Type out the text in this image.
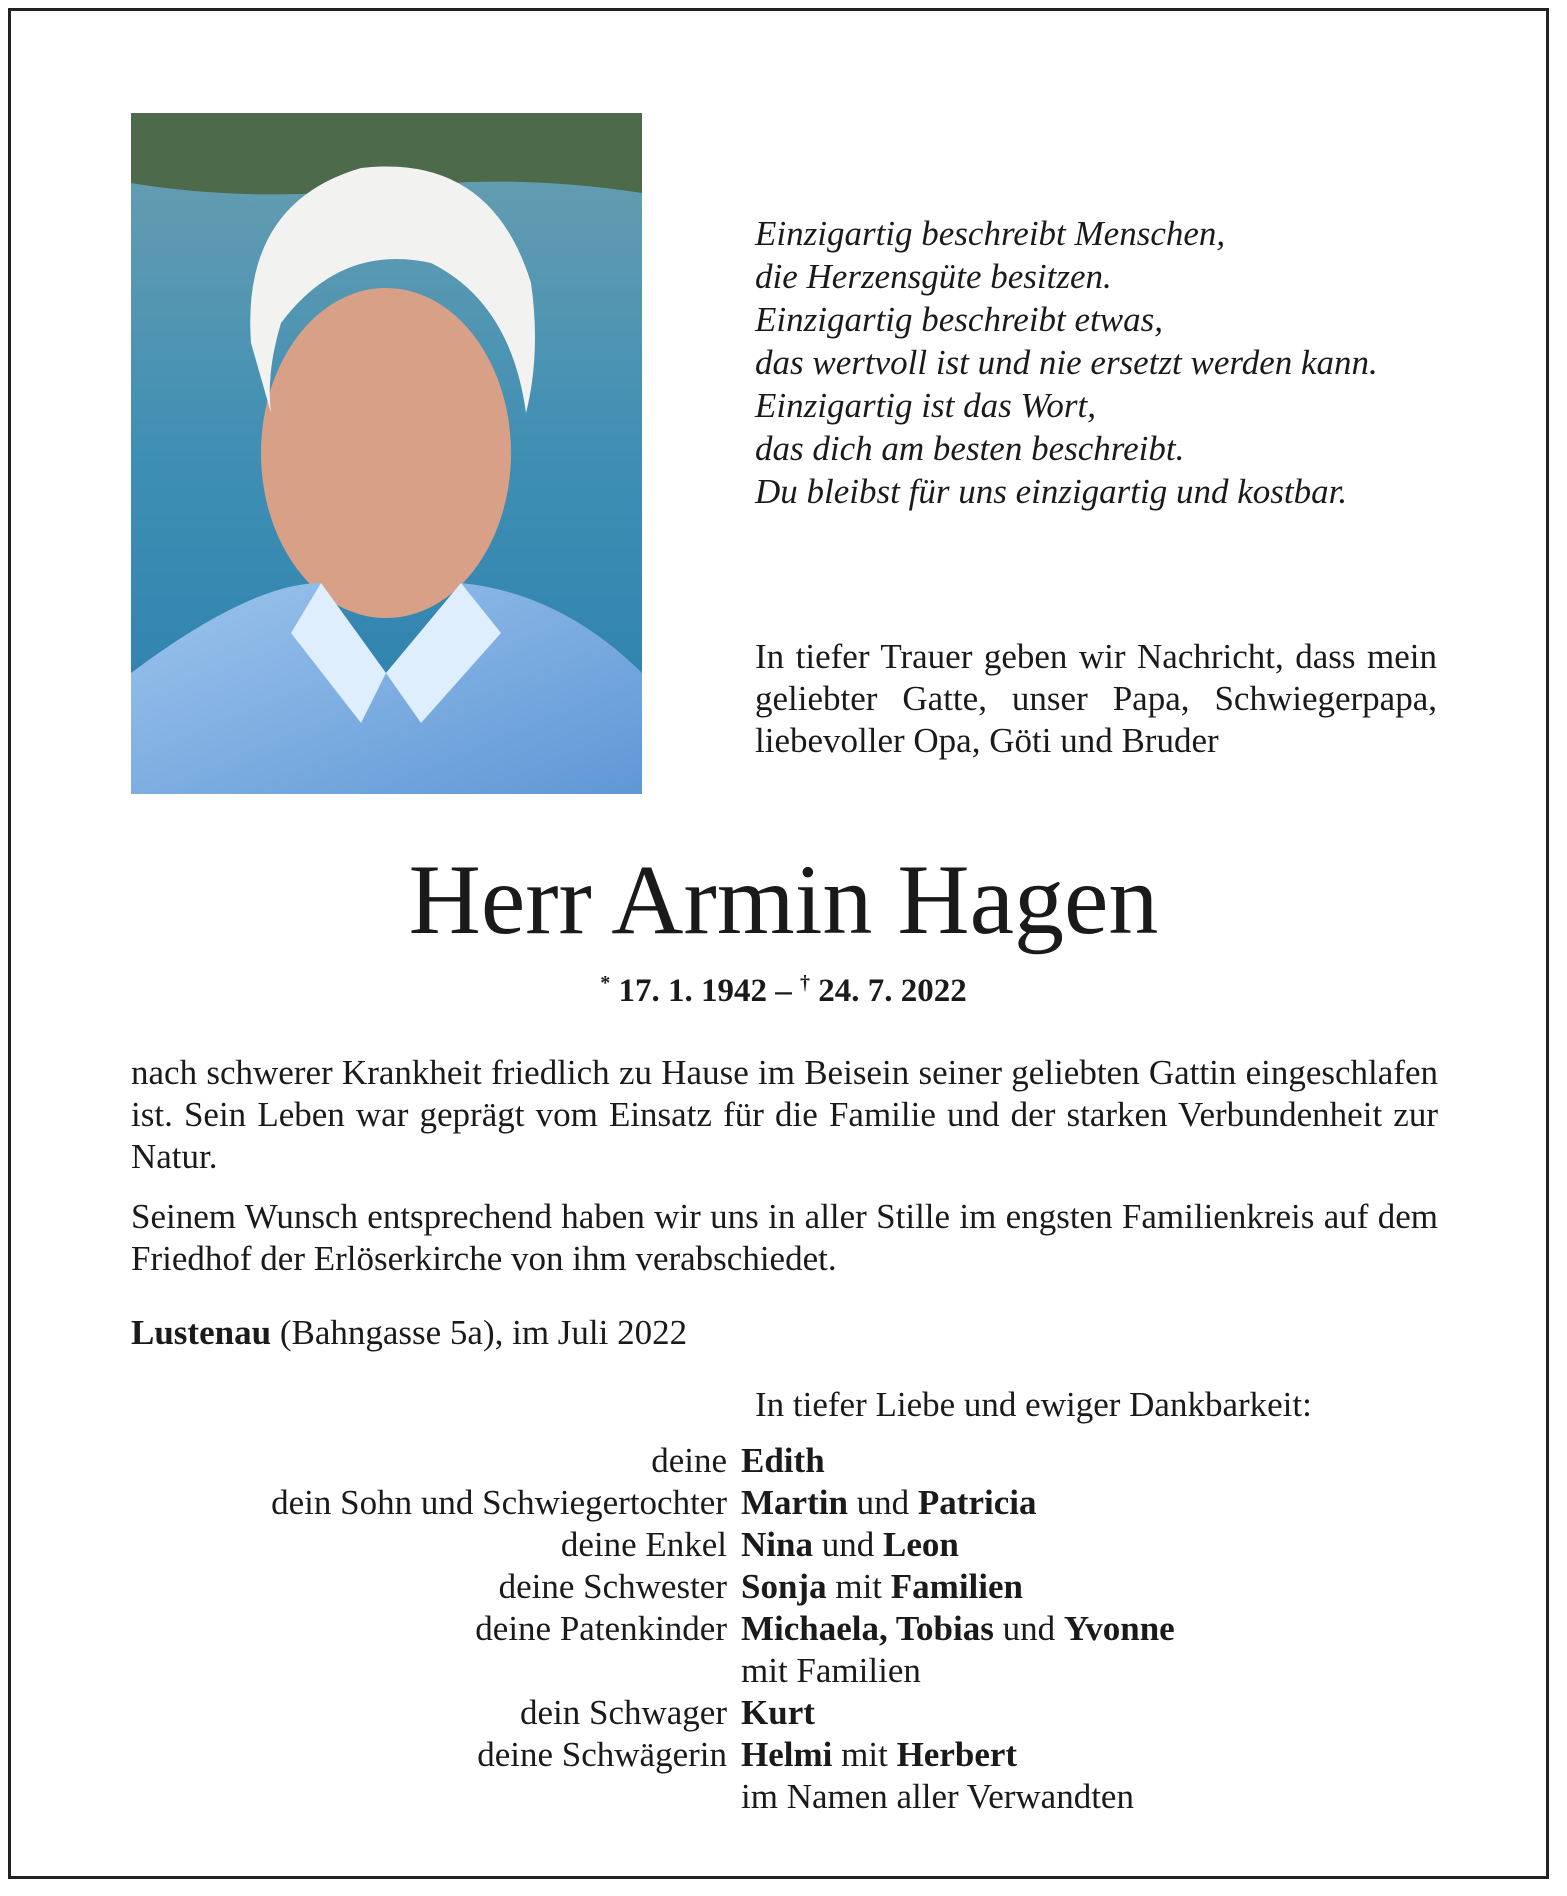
Einzigartig beschreibt Menschen,
die Herzensgüte besitzen.
Einzigartig beschreibt etwas,
das wertvoll ist und nie ersetzt werden kann.
Einzigartig ist das Wort,
das dich am besten beschreibt.
Du bleibst für uns einzigartig und kostbar.
In tiefer Trauer geben wir Nachricht, dass mein geliebter Gatte, unser Papa, Schwiegerpapa, liebevoller Opa, Göti und Bruder
Herr Armin Hagen
* 17. 1. 1942 – † 24. 7. 2022
nach schwerer Krankheit friedlich zu Hause im Beisein seiner geliebten Gattin eingeschlafen ist. Sein Leben war geprägt vom Einsatz für die Familie und der starken Verbundenheit zur Natur.
Seinem Wunsch entsprechend haben wir uns in aller Stille im engsten Familienkreis auf dem Friedhof der Erlöserkirche von ihm verabschiedet.
Lustenau (Bahngasse 5a), im Juli 2022
In tiefer Liebe und ewiger Dankbarkeit:
deine Edith
dein Sohn und Schwiegertochter Martin und Patricia
deine Enkel Nina und Leon
deine Schwester Sonja mit Familien
deine Patenkinder Michaela, Tobias und Yvonne
mit Familien
dein Schwager Kurt
deine Schwägerin Helmi mit Herbert
im Namen aller Verwandten
